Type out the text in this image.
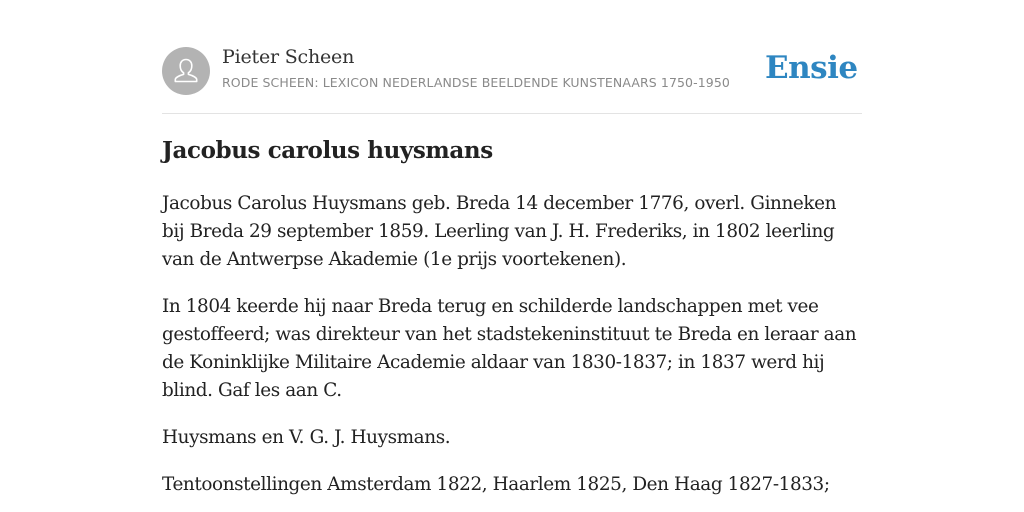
Pieter Scheen
RODE SCHEEN: LEXICON NEDERLANDSE BEELDENDE KUNSTENAARS 1750-1950 Ensie
Jacobus carolus huysmans

Jacobus Carolus Huysmans geb. Breda 14 december 1776, overl. Ginneken bij Breda 29 september 1859. Leerling van J. H. Frederiks, in 1802 leerling van de Antwerpse Akademie (1e prijs voortekenen).

In 1804 keerde hij naar Breda terug en schilderde landschappen met vee gestoffeerd; was direkteur van het stadstekeninstituut te Breda en leraar aan de Koninklijke Militaire Academie aldaar van 1830-1837; in 1837 werd hij blind. Gaf les aan C.

Huysmans en V. G. J. Huysmans.

Tentoonstellingen Amsterdam 1822, Haarlem 1825, Den Haag 1827-1833;
